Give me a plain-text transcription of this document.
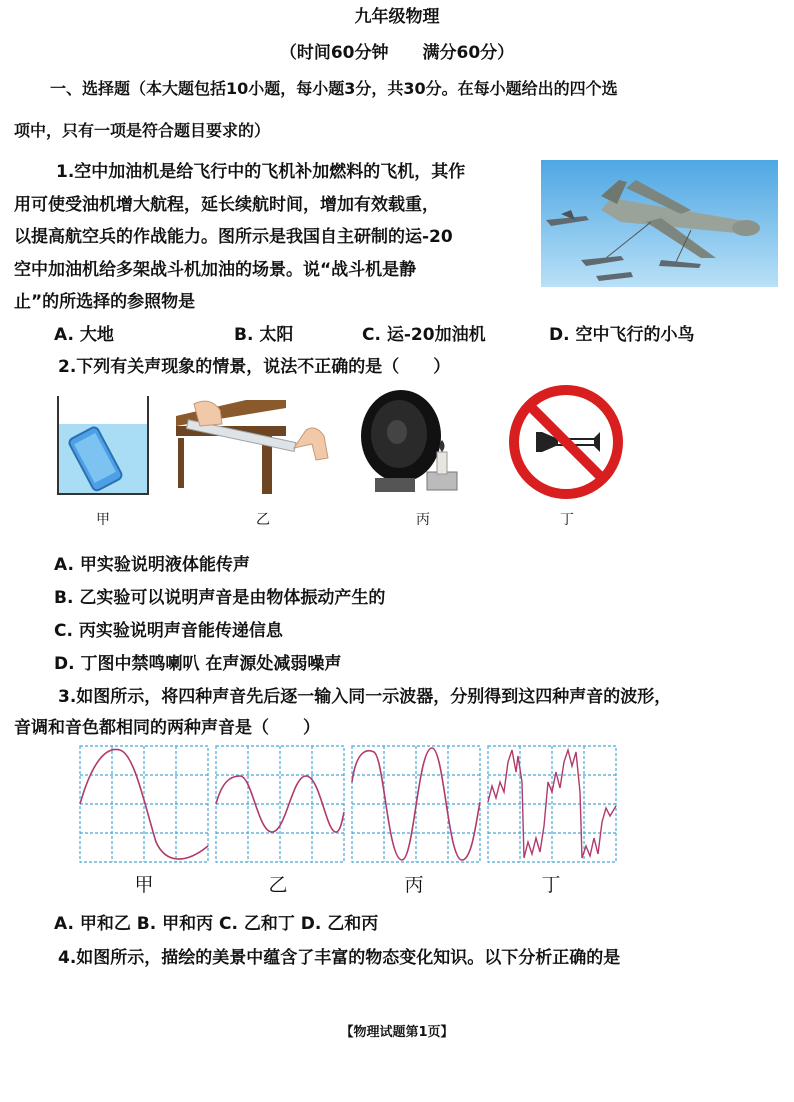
九年级物理
（时间60分钟　　满分60分）
一、选择题（本大题包括10小题，每小题3分，共30分。在每小题给出的四个选
项中，只有一项是符合题目要求的）
1.空中加油机是给飞行中的飞机补加燃料的飞机，其作
用可使受油机增大航程，延长续航时间，增加有效载重，
以提高航空兵的作战能力。图所示是我国自主研制的运-20
空中加油机给多架战斗机加油的场景。说“战斗机是静
止”的所选择的参照物是
A. 大地	B. 太阳	C. 运-20加油机	D. 空中飞行的小鸟
2.下列有关声现象的情景，说法不正确的是（　　）
甲	乙	丙	丁
A. 甲实验说明液体能传声
B. 乙实验可以说明声音是由物体振动产生的
C. 丙实验说明声音能传递信息
D. 丁图中禁鸣喇叭 在声源处减弱噪声
3.如图所示，将四种声音先后逐一输入同一示波器，分别得到这四种声音的波形，
音调和音色都相同的两种声音是（　　）
甲	乙	丙	丁
A. 甲和乙 B. 甲和丙 C. 乙和丁 D. 乙和丙
4.如图所示，描绘的美景中蕴含了丰富的物态变化知识。以下分析正确的是
【物理试题第1页】
